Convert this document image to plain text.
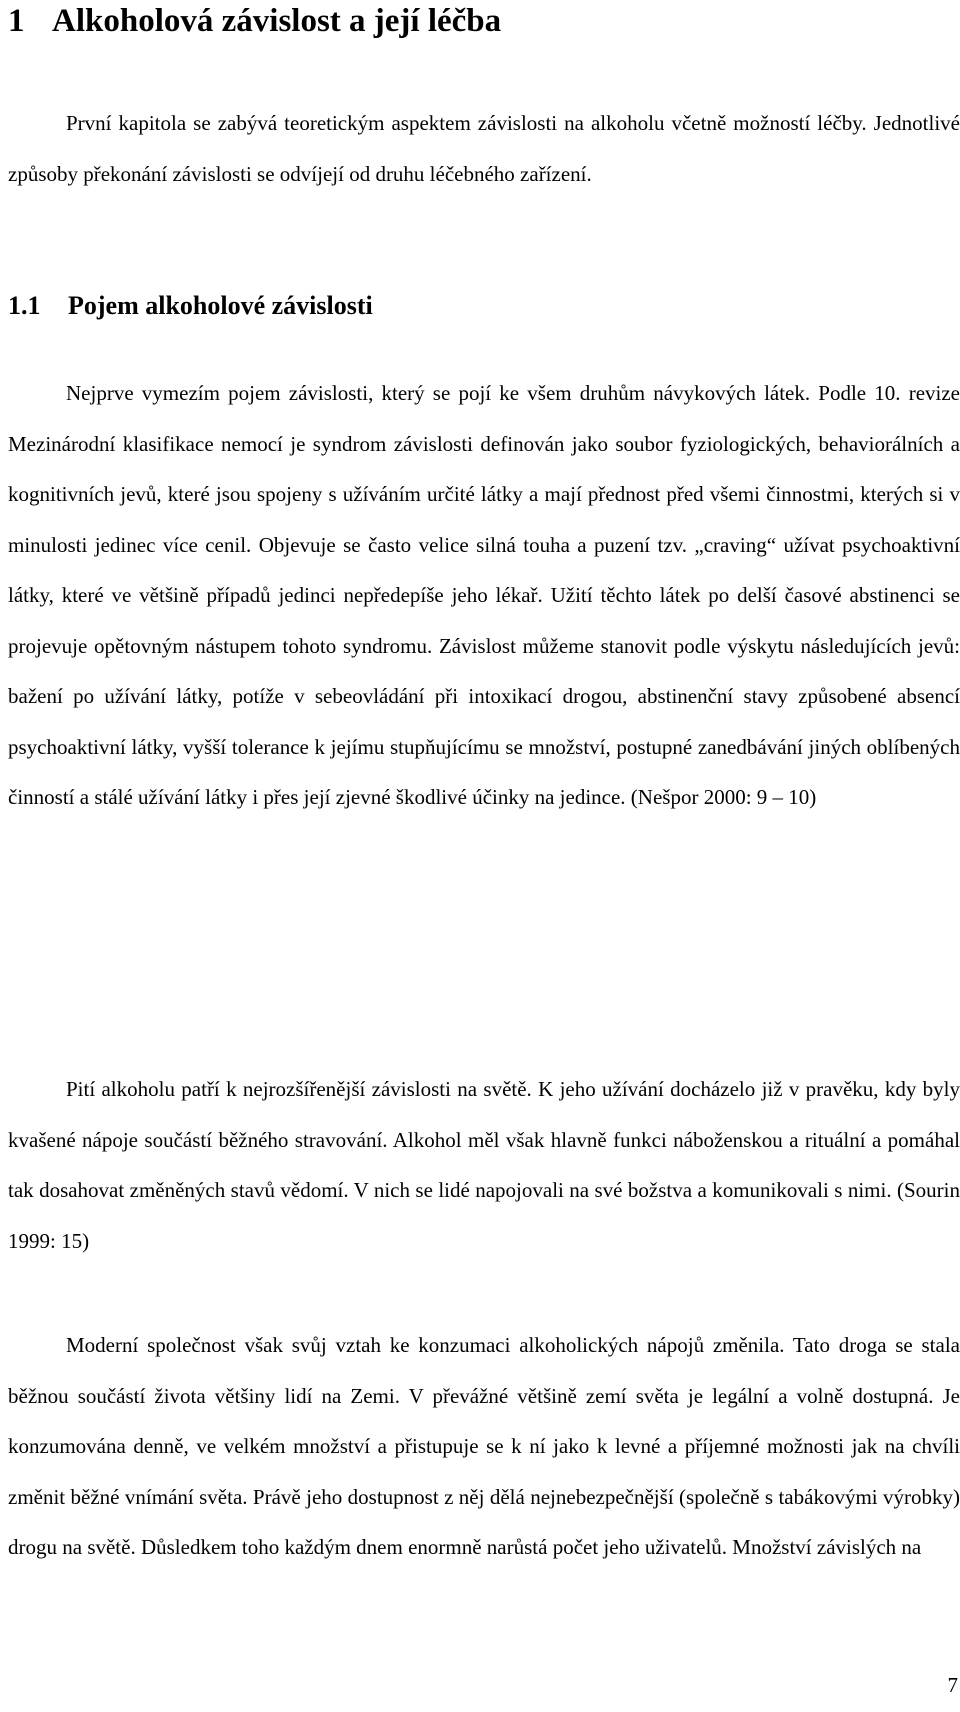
1 Alkoholová závislost a její léčba

První kapitola se zabývá teoretickým aspektem závislosti na alkoholu včetně možností léčby. Jednotlivé způsoby překonání závislosti se odvíjejí od druhu léčebného zařízení.

1.1 Pojem alkoholové závislosti

Nejprve vymezím pojem závislosti, který se pojí ke všem druhům návykových látek. Podle 10. revize Mezinárodní klasifikace nemocí je syndrom závislosti definován jako soubor fyziologických, behaviorálních a kognitivních jevů, které jsou spojeny s užíváním určité látky a mají přednost před všemi činnostmi, kterých si v minulosti jedinec více cenil. Objevuje se často velice silná touha a puzení tzv. „craving“ užívat psychoaktivní látky, které ve většině případů jedinci nepředepíše jeho lékař. Užití těchto látek po delší časové abstinenci se projevuje opětovným nástupem tohoto syndromu. Závislost můžeme stanovit podle výskytu následujících jevů: bažení po užívání látky, potíže v sebeovládání při intoxikací drogou, abstinenční stavy způsobené absencí psychoaktivní látky, vyšší tolerance k jejímu stupňujícímu se množství, postupné zanedbávání jiných oblíbených činností a stálé užívání látky i přes její zjevné škodlivé účinky na jedince. (Nešpor 2000: 9 – 10)

Pití alkoholu patří k nejrozšířenější závislosti na světě. K jeho užívání docházelo již v pravěku, kdy byly kvašené nápoje součástí běžného stravování. Alkohol měl však hlavně funkci náboženskou a rituální a pomáhal tak dosahovat změněných stavů vědomí. V nich se lidé napojovali na své božstva a komunikovali s nimi. (Sourin 1999: 15)

Moderní společnost však svůj vztah ke konzumaci alkoholických nápojů změnila. Tato droga se stala běžnou součástí života většiny lidí na Zemi. V převážné většině zemí světa je legální a volně dostupná. Je konzumována denně, ve velkém množství a přistupuje se k ní jako k levné a příjemné možnosti jak na chvíli změnit běžné vnímání světa. Právě jeho dostupnost z něj dělá nejnebezpečnější (společně s tabákovými výrobky) drogu na světě. Důsledkem toho každým dnem enormně narůstá počet jeho uživatelů. Množství závislých na

7
